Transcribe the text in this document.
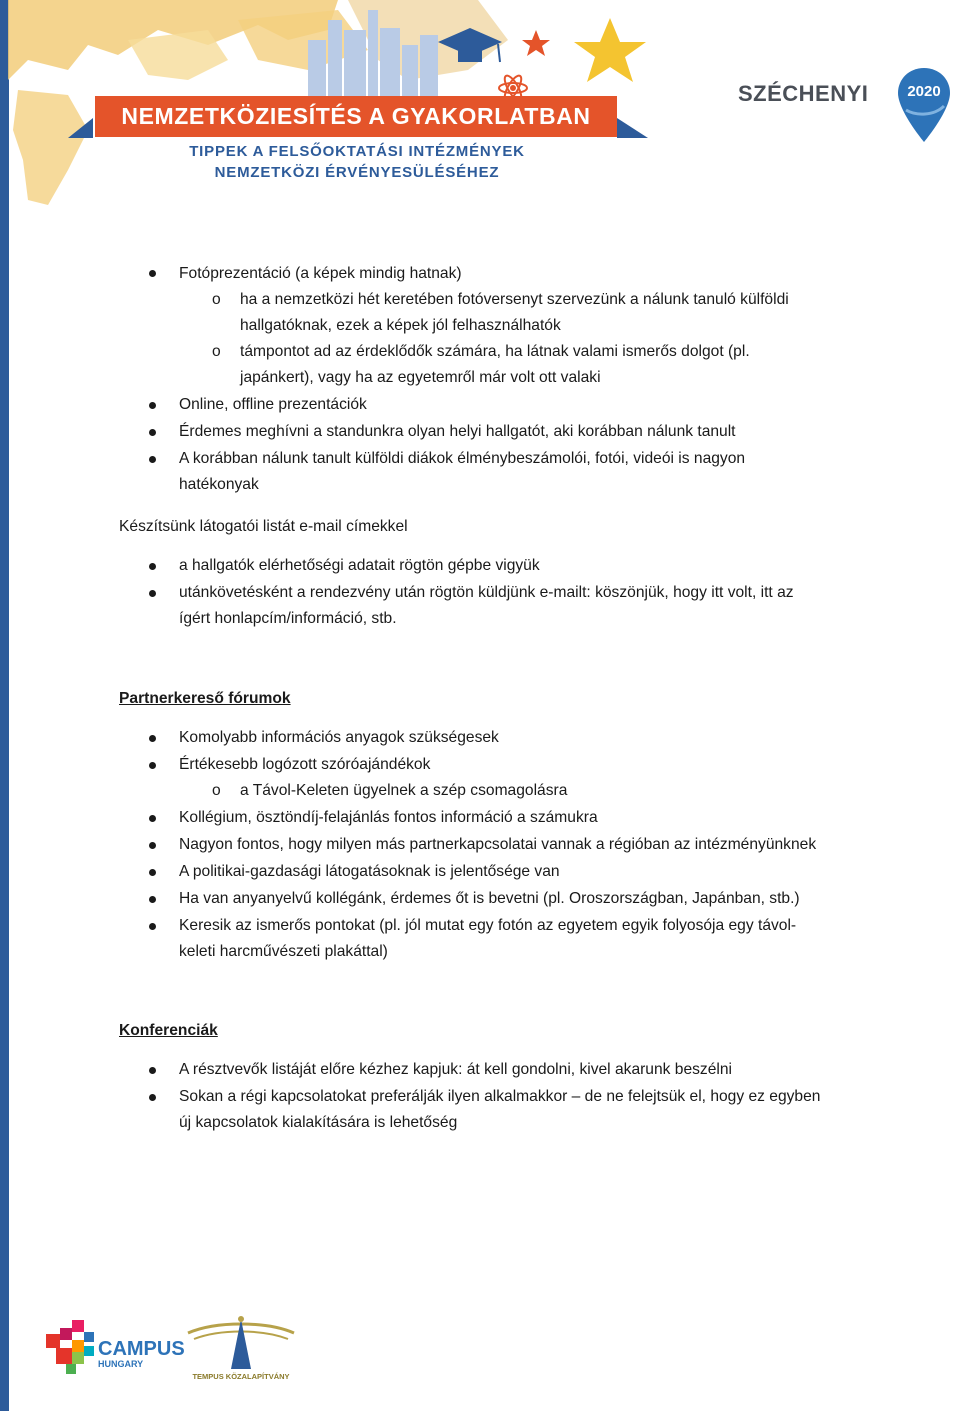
NEMZETKÖZIESÍTÉS A GYAKORLATBAN
TIPPEK A FELSŐOKTATÁSI INTÉZMÉNYEK
NEMZETKÖZI ÉRVÉNYESÜLÉSÉHEZ
SZÉCHENYI	2020
Fotóprezentáció (a képek mindig hatnak)
o ha a nemzetközi hét keretében fotóversenyt szervezünk a nálunk tanuló külföldi
hallgatóknak, ezek a képek jól felhasználhatók
o támpontot ad az érdeklődők számára, ha látnak valami ismerős dolgot (pl.
japánkert), vagy ha az egyetemről már volt ott valaki
Online, offline prezentációk
Érdemes meghívni a standunkra olyan helyi hallgatót, aki korábban nálunk tanult
A korábban nálunk tanult külföldi diákok élménybeszámolói, fotói, videói is nagyon
hatékonyak
Készítsünk látogatói listát e-mail címekkel
a hallgatók elérhetőségi adatait rögtön gépbe vigyük
utánkövetésként a rendezvény után rögtön küldjünk e-mailt: köszönjük, hogy itt volt, itt az
ígért honlapcím/információ, stb.
Partnerkereső fórumok
Komolyabb információs anyagok szükségesek
Értékesebb logózott szóróajándékok
o a Távol-Keleten ügyelnek a szép csomagolásra
Kollégium, ösztöndíj-felajánlás fontos információ a számukra
Nagyon fontos, hogy milyen más partnerkapcsolatai vannak a régióban az intézményünknek
A politikai-gazdasági látogatásoknak is jelentősége van
Ha van anyanyelvű kollégánk, érdemes őt is bevetni (pl. Oroszországban, Japánban, stb.)
Keresik az ismerős pontokat (pl. jól mutat egy fotón az egyetem egyik folyosója egy távol-
keleti harcművészeti plakáttal)
Konferenciák
A résztvevők listáját előre kézhez kapjuk: át kell gondolni, kivel akarunk beszélni
Sokan a régi kapcsolatokat preferálják ilyen alkalmakkor – de ne felejtsük el, hogy ez egyben
új kapcsolatok kialakítására is lehetőség
CAMPUS
HUNGARY
TEMPUS KÖZALAPÍTVÁNY
